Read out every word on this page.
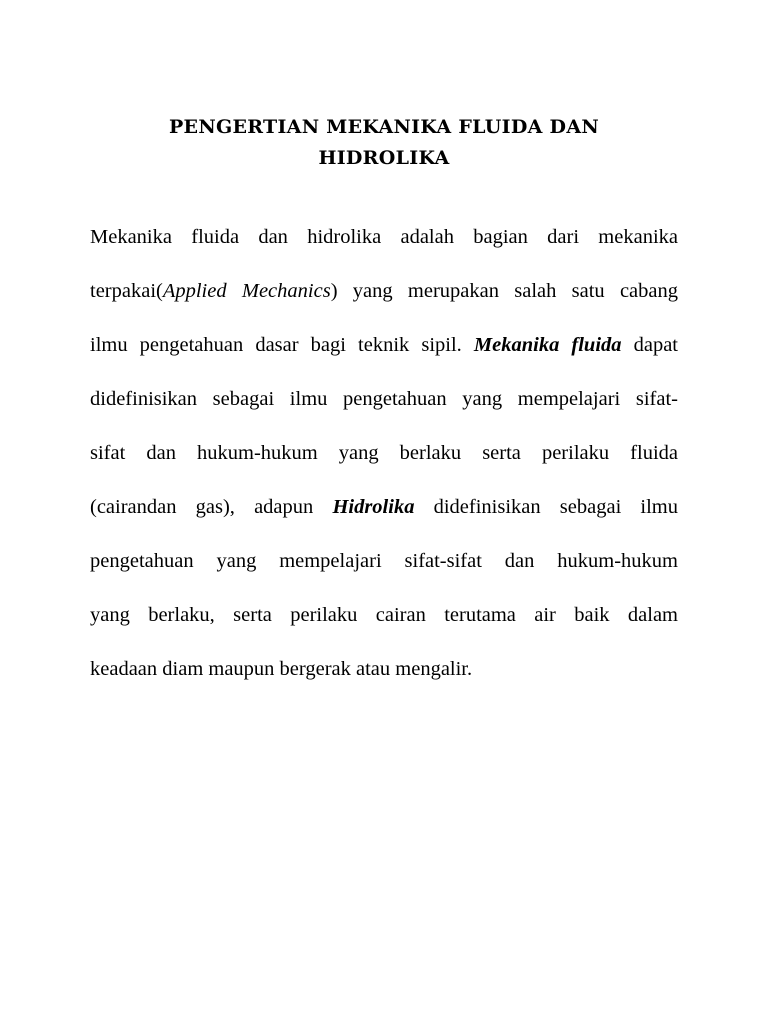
PENGERTIAN MEKANIKA FLUIDA DAN
HIDROLIKA
Mekanika fluida dan hidrolika adalah bagian dari mekanika
terpakai(Applied Mechanics) yang merupakan salah satu cabang
ilmu pengetahuan dasar bagi teknik sipil. Mekanika fluida dapat
didefinisikan sebagai ilmu pengetahuan yang mempelajari sifat-
sifat dan hukum-hukum yang berlaku serta perilaku fluida
(cairandan gas), adapun Hidrolika didefinisikan sebagai ilmu
pengetahuan yang mempelajari sifat-sifat dan hukum-hukum
yang berlaku, serta perilaku cairan terutama air baik dalam
keadaan diam maupun bergerak atau mengalir.
